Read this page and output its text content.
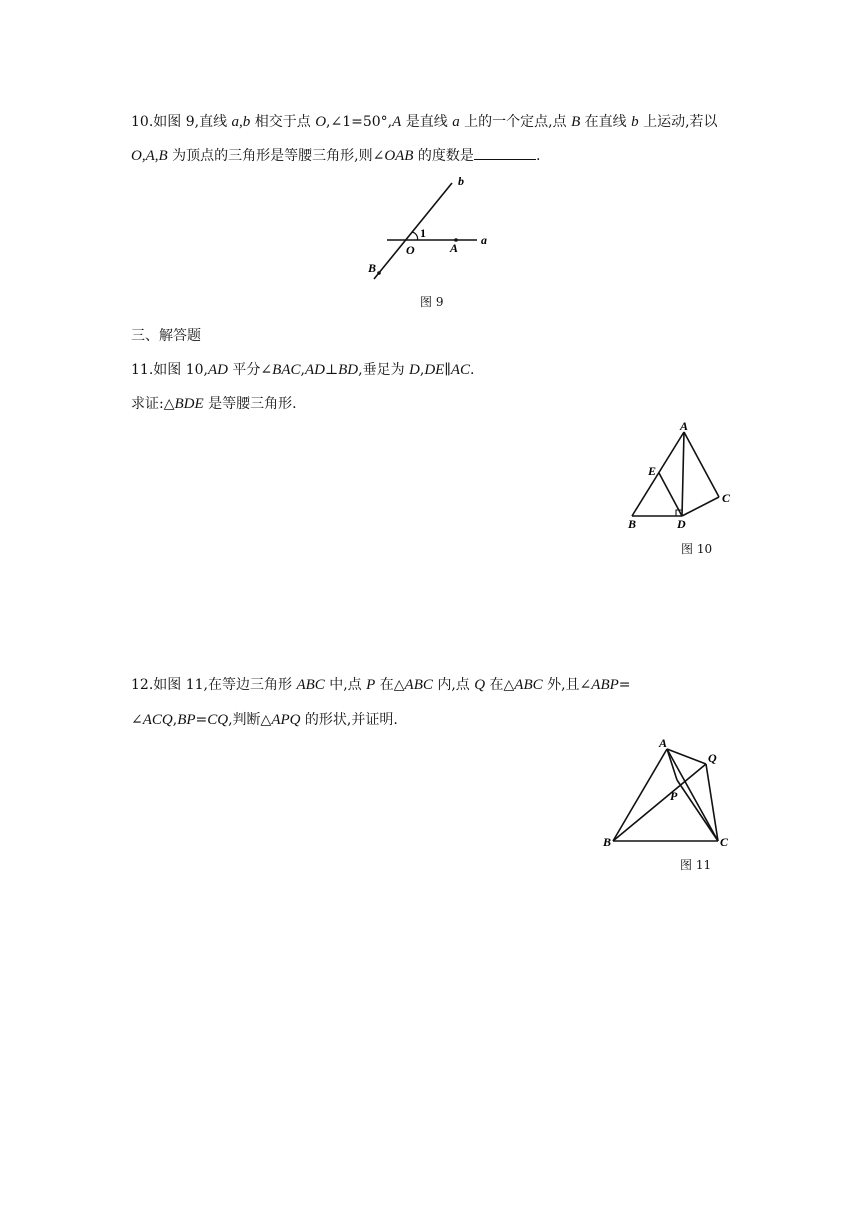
10.如图 9,直线 a,b 相交于点 O,∠1=50°,A 是直线 a 上的一个定点,点 B 在直线 b 上运动,若以
O,A,B 为顶点的三角形是等腰三角形,则∠OAB 的度数是	.
b
1
O	A
a
B
图 9
三、解答题
11.如图 10,AD 平分∠BAC,AD⊥BD,垂足为 D,DE∥AC.
求证:△BDE 是等腰三角形.
A
E
C
B	D
图 10
12.如图 11,在等边三角形 ABC 中,点 P 在△ABC 内,点 Q 在△ABC 外,且∠ABP=
∠ACQ,BP=CQ,判断△APQ 的形状,并证明.
A
Q
P
B	C
图 11
